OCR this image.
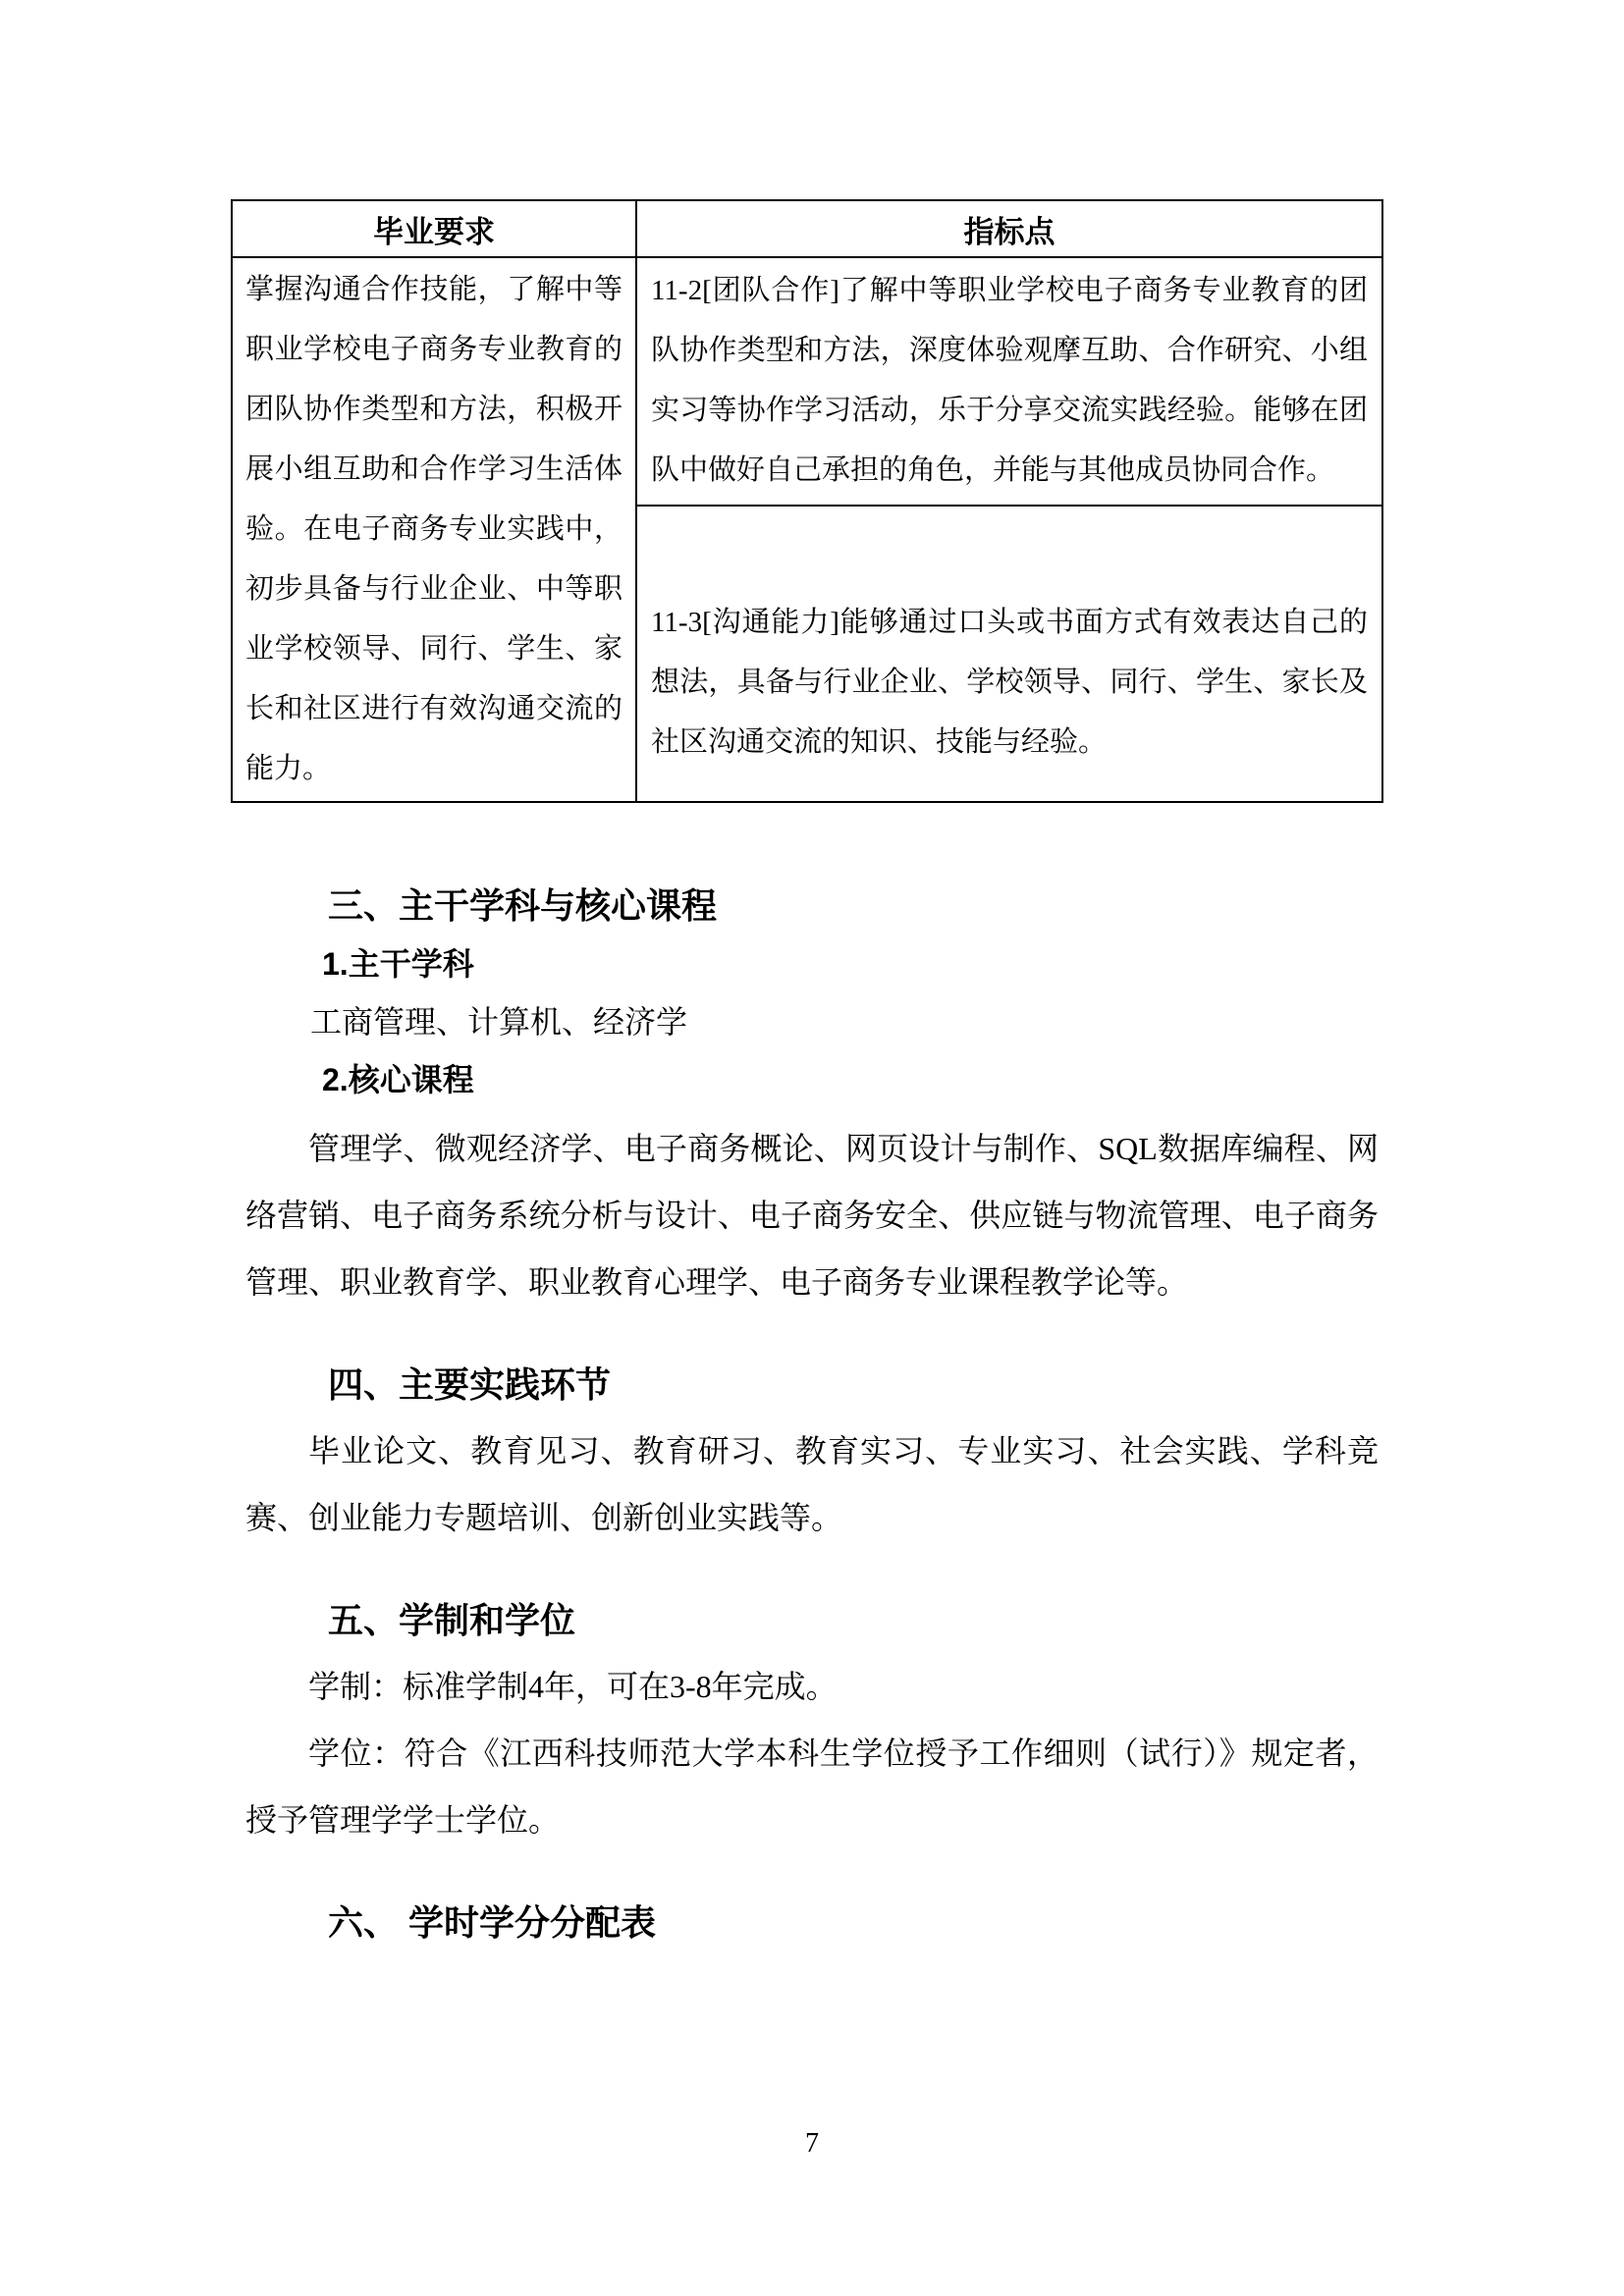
毕业要求	指标点
掌握沟通合作技能，了解中等职业学校电子商务专业教育的团队协作类型和方法，积极开展小组互助和合作学习生活体验。在电子商务专业实践中，初步具备与行业企业、中等职业学校领导、同行、学生、家长和社区进行有效沟通交流的能力。	11-2[团队合作]了解中等职业学校电子商务专业教育的团队协作类型和方法，深度体验观摩互助、合作研究、小组实习等协作学习活动，乐于分享交流实践经验。能够在团队中做好自己承担的角色，并能与其他成员协同合作。
	11-3[沟通能力]能够通过口头或书面方式有效表达自己的想法，具备与行业企业、学校领导、同行、学生、家长及社区沟通交流的知识、技能与经验。
三、主干学科与核心课程
1.主干学科
工商管理、计算机、经济学
2.核心课程
管理学、微观经济学、电子商务概论、网页设计与制作、SQL数据库编程、网络营销、电子商务系统分析与设计、电子商务安全、供应链与物流管理、电子商务管理、职业教育学、职业教育心理学、电子商务专业课程教学论等。
四、主要实践环节
毕业论文、教育见习、教育研习、教育实习、专业实习、社会实践、学科竞赛、创业能力专题培训、创新创业实践等。
五、学制和学位
学制：标准学制4年，可在3-8年完成。
学位：符合《江西科技师范大学本科生学位授予工作细则（试行）》规定者，授予管理学学士学位。
六、 学时学分分配表
7
